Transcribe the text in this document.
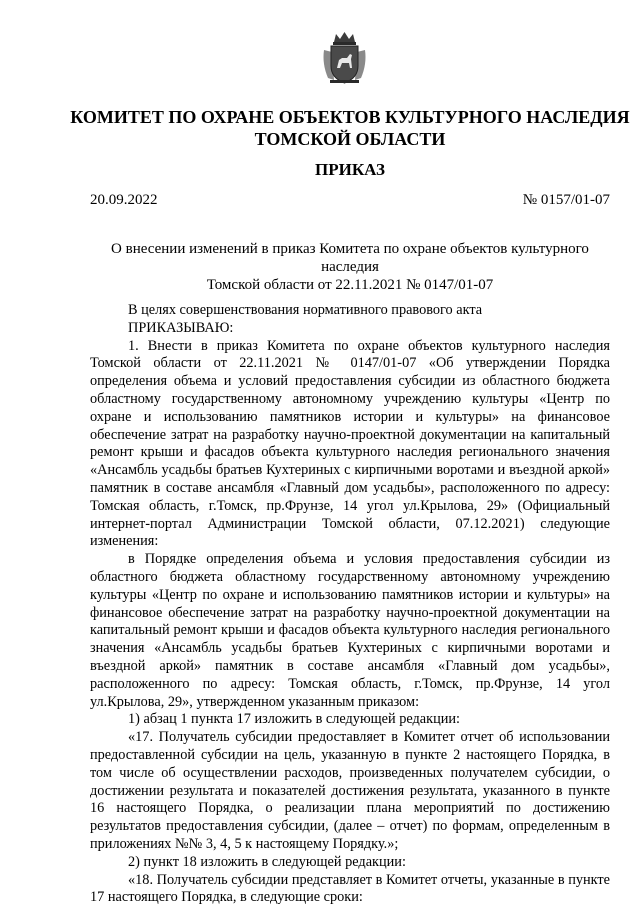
КОМИТЕТ ПО ОХРАНЕ ОБЪЕКТОВ КУЛЬТУРНОГО НАСЛЕДИЯ
ТОМСКОЙ ОБЛАСТИ
ПРИКАЗ
20.09.2022	№ 0157/01-07

О внесении изменений в приказ Комитета по охране объектов культурного наследия
Томской области от 22.11.2021 № 0147/01-07

В целях совершенствования нормативного правового акта

ПРИКАЗЫВАЮ:

1. Внести в приказ Комитета по охране объектов культурного наследия Томской области от 22.11.2021 № 0147/01-07 «Об утверждении Порядка определения объема и условий предоставления субсидии из областного бюджета областному государственному автономному учреждению культуры «Центр по охране и использованию памятников истории и культуры» на финансовое обеспечение затрат на разработку научно-проектной документации на капитальный ремонт крыши и фасадов объекта культурного наследия регионального значения «Ансамбль усадьбы братьев Кухтериных с кирпичными воротами и въездной аркой» памятник в составе ансамбля «Главный дом усадьбы», расположенного по адресу: Томская область, г.Томск, пр.Фрунзе, 14 угол ул.Крылова, 29» (Официальный интернет-портал Администрации Томской области, 07.12.2021) следующие изменения:

в Порядке определения объема и условия предоставления субсидии из областного бюджета областному государственному автономному учреждению культуры «Центр по охране и использованию памятников истории и культуры» на финансовое обеспечение затрат на разработку научно-проектной документации на капитальный ремонт крыши и фасадов объекта культурного наследия регионального значения «Ансамбль усадьбы братьев Кухтериных с кирпичными воротами и въездной аркой» памятник в составе ансамбля «Главный дом усадьбы», расположенного по адресу: Томская область, г.Томск, пр.Фрунзе, 14 угол ул.Крылова, 29», утвержденном указанным приказом:

1) абзац 1 пункта 17 изложить в следующей редакции:

«17. Получатель субсидии предоставляет в Комитет отчет об использовании предоставленной субсидии на цель, указанную в пункте 2 настоящего Порядка, в том числе об осуществлении расходов, произведенных получателем субсидии, о достижении результата и показателей достижения результата, указанного в пункте 16 настоящего Порядка, о реализации плана мероприятий по достижению результатов предоставления субсидии, (далее – отчет) по формам, определенным в приложениях №№ 3, 4, 5 к настоящему Порядку.»;

2) пункт 18 изложить в следующей редакции:

«18. Получатель субсидии представляет в Комитет отчеты, указанные в пункте 17 настоящего Порядка, в следующие сроки:
